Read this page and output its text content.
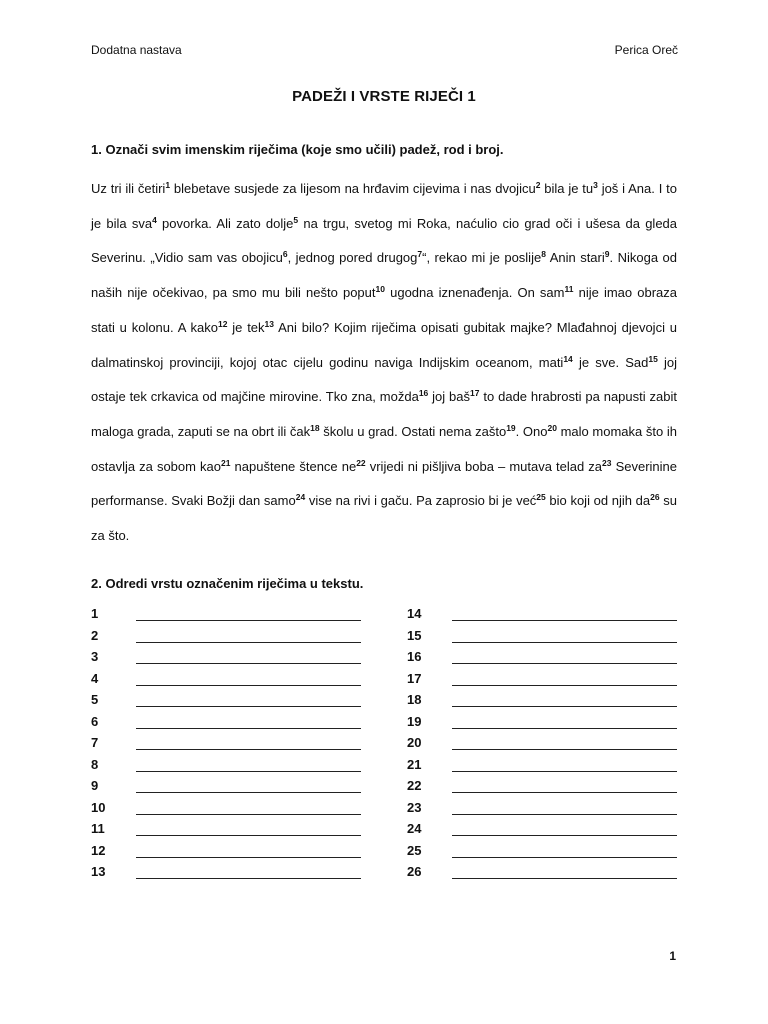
Dodatna nastava	Perica Oreč
PADEŽI I VRSTE RIJEČI 1
1. Označi svim imenskim riječima (koje smo učili) padež, rod i broj.

Uz tri ili četiri$^1$ blebetave susjede za lijesom na hrđavim cijevima i nas dvojicu$^2$ bila je $tu^3$ još i Ana. I to je bila sva$^4$ povorka. Ali zato dolje$^5$ na trgu, svetog mi Roka, naćulio cio grad oči i ušesa da gleda Severinu. „Vidio sam vas obojicu$^6$, jednog pored drugog$^7$“, rekao mi je poslije$^8$ Anin stari$^9$. Nikoga od naših nije očekivao, pa smo mu bili nešto poput$^{10}$ ugodna iznenađenja. On sam$^{11}$ nije imao obraza stati u kolonu. A kako$^{12}$ je tek$^{13}$ Ani bilo? Kojim riječima opisati gubitak majke? Mlađahnoj djevojci u dalmatinskoj provinciji, kojoj otac cijelu godinu naviga Indijskim oceanom, mati$^{14}$ je sve. Sad$^{15}$ joj ostaje tek crkavica od majčine mirovine. Tko zna, možda$^{16}$ joj baš$^{17}$ to dade hrabrosti pa napusti zabit maloga grada, zaputi se na obrt ili čak$^{18}$ školu u grad. Ostati nema zašto$^{19}$. Ono$^{20}$ malo momaka što ih ostavlja za sobom kao$^{21}$ napuštene štence $ne^{22}$ vrijedi ni pišljiva boba – mutava telad $za^{23}$ Severinine performanse. Svaki Božji dan samo$^{24}$ vise na rivi i gaču. Pa zaprosio bi je već$^{25}$ bio koji od njih $da^{26}$ su za što.

2. Odredi vrstu označenim riječima u tekstu.
1
2
3
4
5
6
7
8
9
10
11
12
13
14
15
16
17
18
19
20
21
22
23
24
25
26
1
